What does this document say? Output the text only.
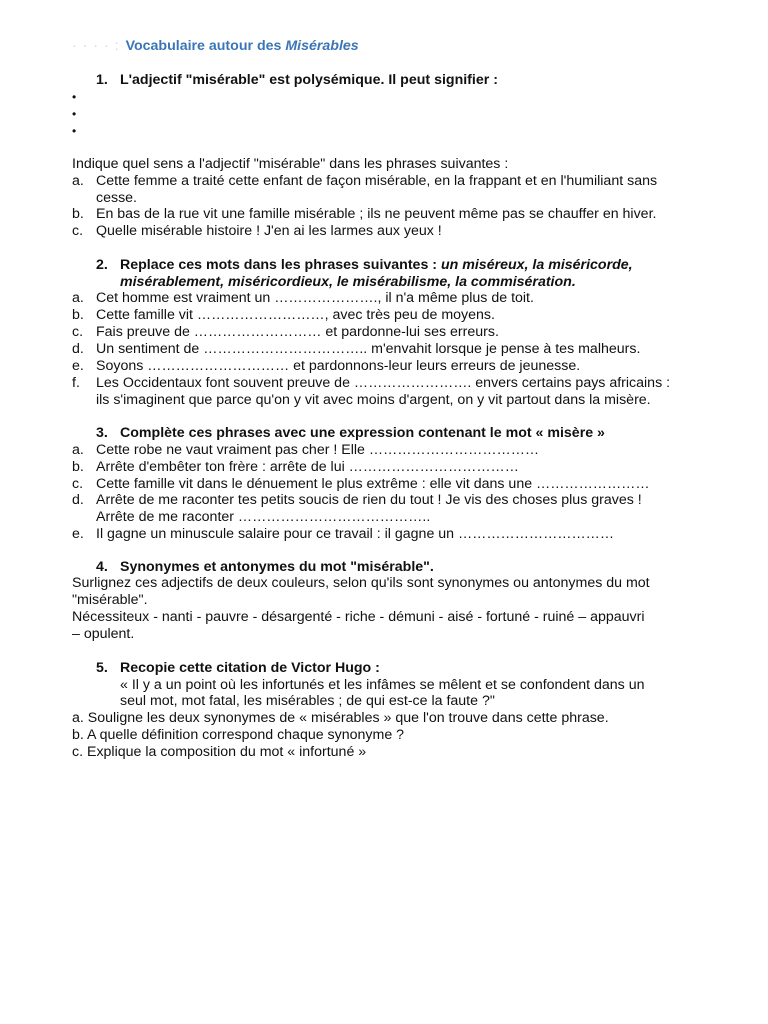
· · · · : Vocabulaire autour des Misérables
1. L'adjectif "misérable" est polysémique. Il peut signifier :
•
•
•
Indique quel sens a l'adjectif "misérable" dans les phrases suivantes :
a. Cette femme a traité cette enfant de façon misérable, en la frappant et en l'humiliant sans
cesse.
b. En bas de la rue vit une famille misérable ; ils ne peuvent même pas se chauffer en hiver.
c. Quelle misérable histoire ! J'en ai les larmes aux yeux !
2. Replace ces mots dans les phrases suivantes : un miséreux, la miséricorde,
misérablement, miséricordieux, le misérabilisme, la commisération.
a. Cet homme est vraiment un …………………., il n'a même plus de toit.
b. Cette famille vit ………………………, avec très peu de moyens.
c. Fais preuve de ……………………… et pardonne-lui ses erreurs.
d. Un sentiment de …………………………….. m'envahit lorsque je pense à tes malheurs.
e. Soyons ………………………… et pardonnons-leur leurs erreurs de jeunesse.
f. Les Occidentaux font souvent preuve de ……………………. envers certains pays africains :
ils s'imaginent que parce qu'on y vit avec moins d'argent, on y vit partout dans la misère.
3. Complète ces phrases avec une expression contenant le mot « misère »
a. Cette robe ne vaut vraiment pas cher ! Elle ………………………………
b. Arrête d'embêter ton frère : arrête de lui ………………………………
c. Cette famille vit dans le dénuement le plus extrême : elle vit dans une ……………………
d. Arrête de me raconter tes petits soucis de rien du tout ! Je vis des choses plus graves !
Arrête de me raconter …………………………………..
e. Il gagne un minuscule salaire pour ce travail : il gagne un ……………………………
4. Synonymes et antonymes du mot "misérable".
Surlignez ces adjectifs de deux couleurs, selon qu'ils sont synonymes ou antonymes du mot
"misérable".
Nécessiteux - nanti - pauvre - désargenté - riche - démuni - aisé - fortuné - ruiné – appauvri
– opulent.
5. Recopie cette citation de Victor Hugo :
« Il y a un point où les infortunés et les infâmes se mêlent et se confondent dans un
seul mot, mot fatal, les misérables ; de qui est-ce la faute ?"
a. Souligne les deux synonymes de « misérables » que l'on trouve dans cette phrase.
b. A quelle définition correspond chaque synonyme ?
c. Explique la composition du mot « infortuné »
